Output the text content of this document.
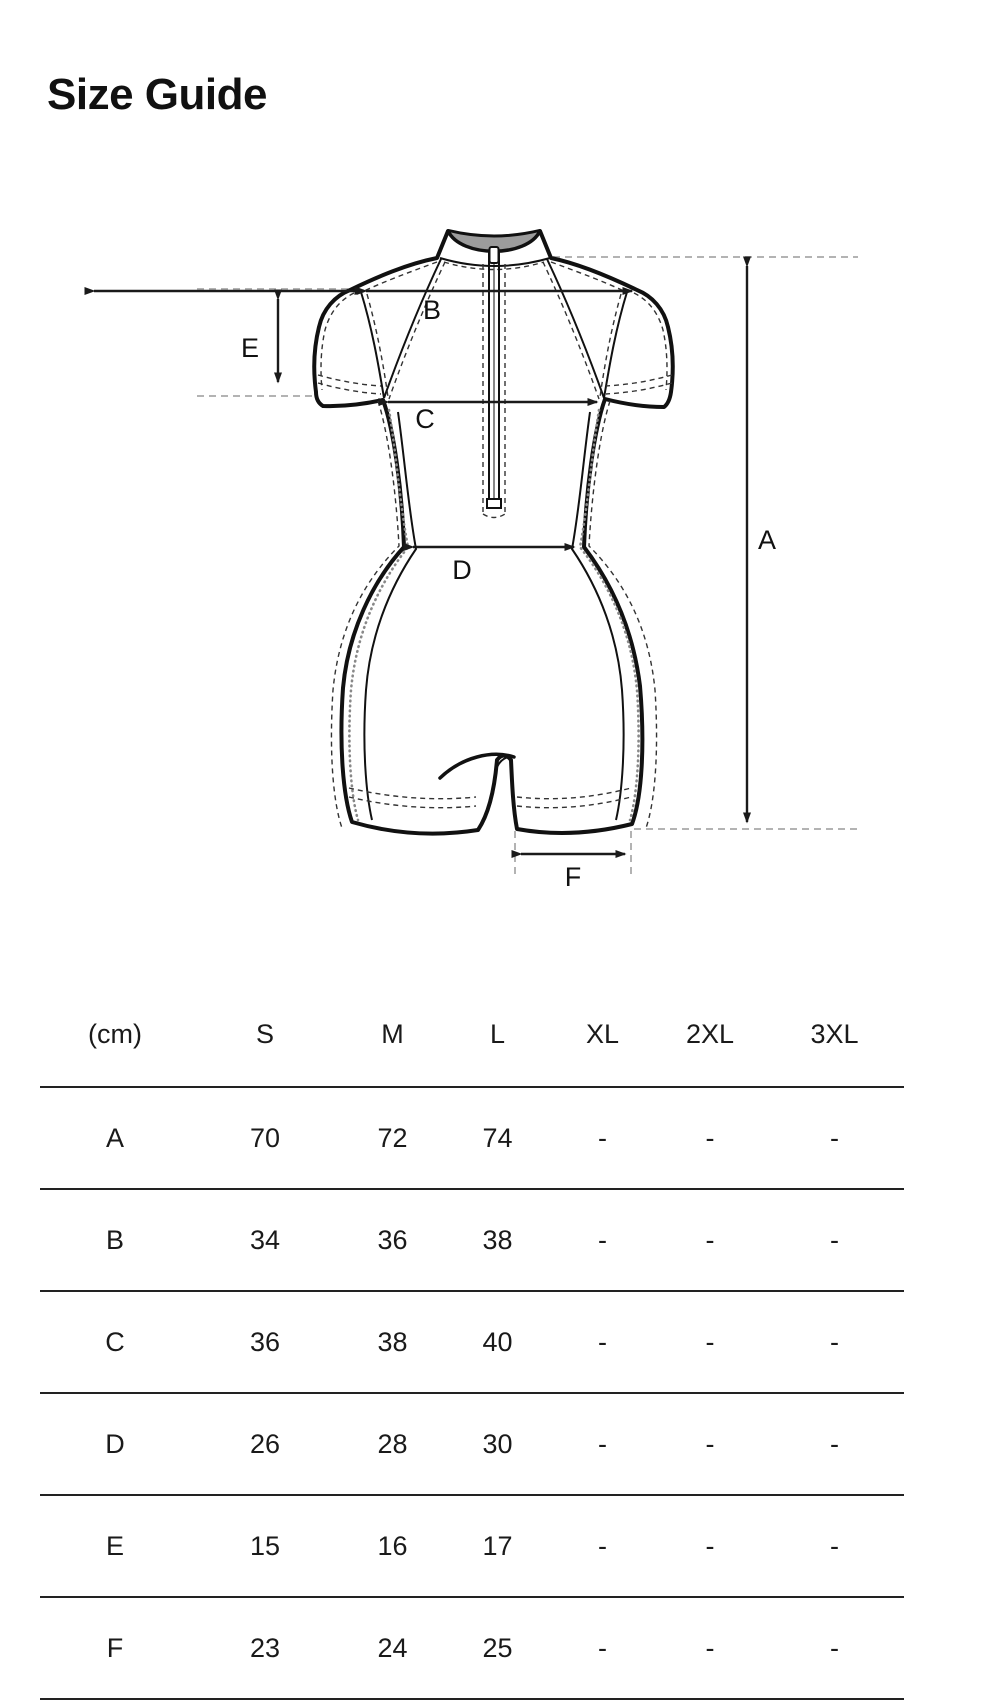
Size Guide
A
B
C
D
E
F
(cm)	S	M	L	XL	2XL	3XL
A	70	72	74	-	-	-
B	34	36	38	-	-	-
C	36	38	40	-	-	-
D	26	28	30	-	-	-
E	15	16	17	-	-	-
F	23	24	25	-	-	-
